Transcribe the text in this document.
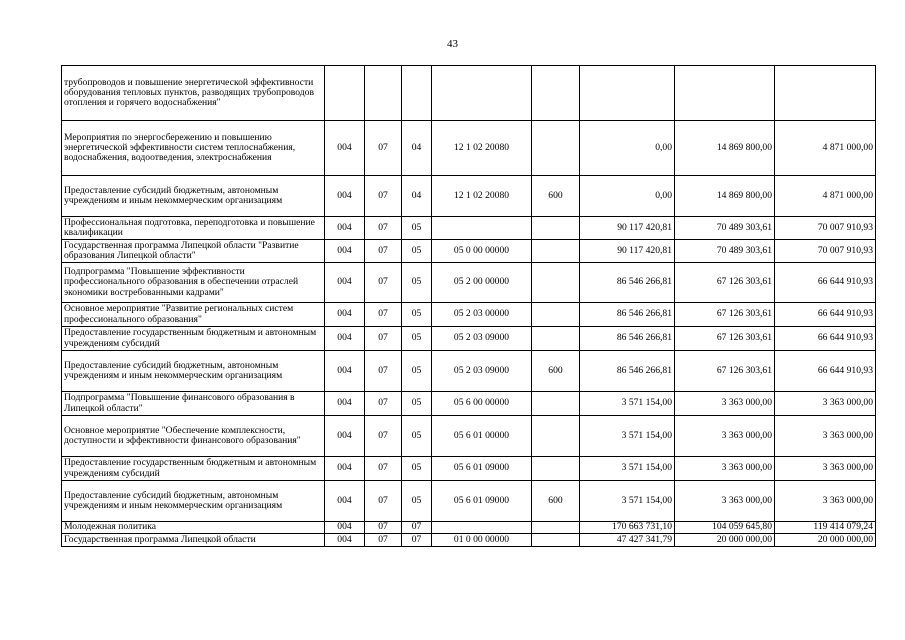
43
трубопроводов и повышение энергетической эффективности оборудования тепловых пунктов, разводящих трубопроводов отопления и горячего водоснабжения"								
Мероприятия по энергосбережению и повышению энергетической эффективности систем теплоснабжения, водоснабжения, водоотведения, электроснабжения	004	07	04	12 1 02 20080		0,00	14 869 800,00	4 871 000,00
Предоставление субсидий бюджетным, автономным учреждениям и иным некоммерческим организациям	004	07	04	12 1 02 20080	600	0,00	14 869 800,00	4 871 000,00
Профессиональная подготовка, переподготовка и повышение квалификации	004	07	05			90 117 420,81	70 489 303,61	70 007 910,93
Государственная программа Липецкой области "Развитие образования Липецкой области"	004	07	05	05 0 00 00000		90 117 420,81	70 489 303,61	70 007 910,93
Подпрограмма "Повышение эффективности профессионального образования в обеспечении отраслей экономики востребованными кадрами"	004	07	05	05 2 00 00000		86 546 266,81	67 126 303,61	66 644 910,93
Основное мероприятие "Развитие региональных систем профессионального образования"	004	07	05	05 2 03 00000		86 546 266,81	67 126 303,61	66 644 910,93
Предоставление государственным бюджетным и автономным учреждениям субсидий	004	07	05	05 2 03 09000		86 546 266,81	67 126 303,61	66 644 910,93
Предоставление субсидий бюджетным, автономным учреждениям и иным некоммерческим организациям	004	07	05	05 2 03 09000	600	86 546 266,81	67 126 303,61	66 644 910,93
Подпрограмма "Повышение финансового образования в Липецкой области"	004	07	05	05 6 00 00000		3 571 154,00	3 363 000,00	3 363 000,00
Основное мероприятие "Обеспечение комплексности, доступности и эффективности финансового образования"	004	07	05	05 6 01 00000		3 571 154,00	3 363 000,00	3 363 000,00
Предоставление государственным бюджетным и автономным учреждениям субсидий	004	07	05	05 6 01 09000		3 571 154,00	3 363 000,00	3 363 000,00
Предоставление субсидий бюджетным, автономным учреждениям и иным некоммерческим организациям	004	07	05	05 6 01 09000	600	3 571 154,00	3 363 000,00	3 363 000,00
Молодежная политика	004	07	07			170 663 731,10	104 059 645,80	119 414 079,24
Государственная программа Липецкой области	004	07	07	01 0 00 00000		47 427 341,79	20 000 000,00	20 000 000,00
